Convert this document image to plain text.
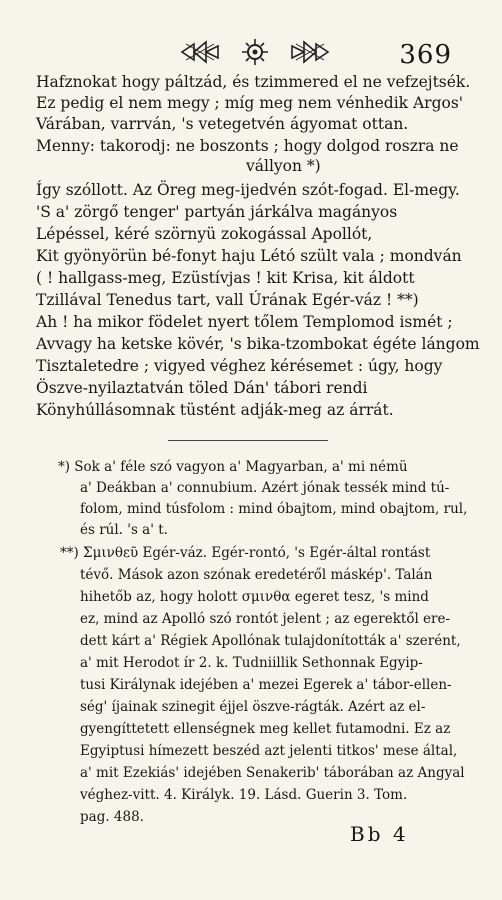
369
Hafznokat hogy páltzád, és tzimmered el ne vefzejtsék.
Ez pedig el nem megy ; míg meg nem vénhedik Argos'
Várában, varrván, 's vetegetvén ágyomat ottan.
Menny: takorodj: ne boszonts ; hogy dolgod roszra ne
vállyon *)
Így szóllott. Az Öreg meg-ijedvén szót-fogad. El-megy.
'S a' zörgő tenger' partyán járkálva magányos
Lépéssel, kéré szörnyü zokogással Apollót,
Kit gyönyörün bé-fonyt haju Létó szült vala ; mondván
( ! hallgass-meg, Ezüstívjas ! kit Krisa, kit áldott
Tzillával Tenedus tart, vall Úrának Egér-váz ! **)
Ah ! ha mikor födelet nyert tőlem Templomod ismét ;
Avvagy ha ketske kövér, 's bika-tzombokat égéte lángom
Tisztaletedre ; vigyed véghez kérésemet : úgy, hogy
Öszve-nyilaztatván töled Dán' tábori rendi
Könyhúllásomnak tüstént adják-meg az árrát.
*) Sok a' féle szó vagyon a' Magyarban, a' mi némü
a' Deákban a' connubium. Azért jónak tessék mind tú-
folom, mind túsfolom : mind óbajtom, mind obajtom, rul,
és rúl. 's a' t.
**) Σμινθεῦ Egér-váz. Egér-rontó, 's Egér-által rontást
tévő. Mások azon szónak eredetéről máskép'. Talán
hihetőb az, hogy holott σμινθα egeret tesz, 's mind
ez, mind az Apolló szó rontót jelent ; az egerektől ere-
dett kárt a' Régiek Apollónak tulajdonították a' szerént,
a' mit Herodot ír 2. k. Tudniillik Sethonnak Egyip-
tusi Királynak idejében a' mezei Egerek a' tábor-ellen-
ség' íjainak szinegit éjjel öszve-rágták. Azért az el-
gyengíttetett ellenségnek meg kellet futamodni. Ez az
Egyiptusi hímezett beszéd azt jelenti titkos' mese által,
a' mit Ezekiás' idejében Senakerib' táborában az Angyal
véghez-vitt. 4. Királyk. 19. Lásd. Guerin 3. Tom.
pag. 488.
Bb 4
